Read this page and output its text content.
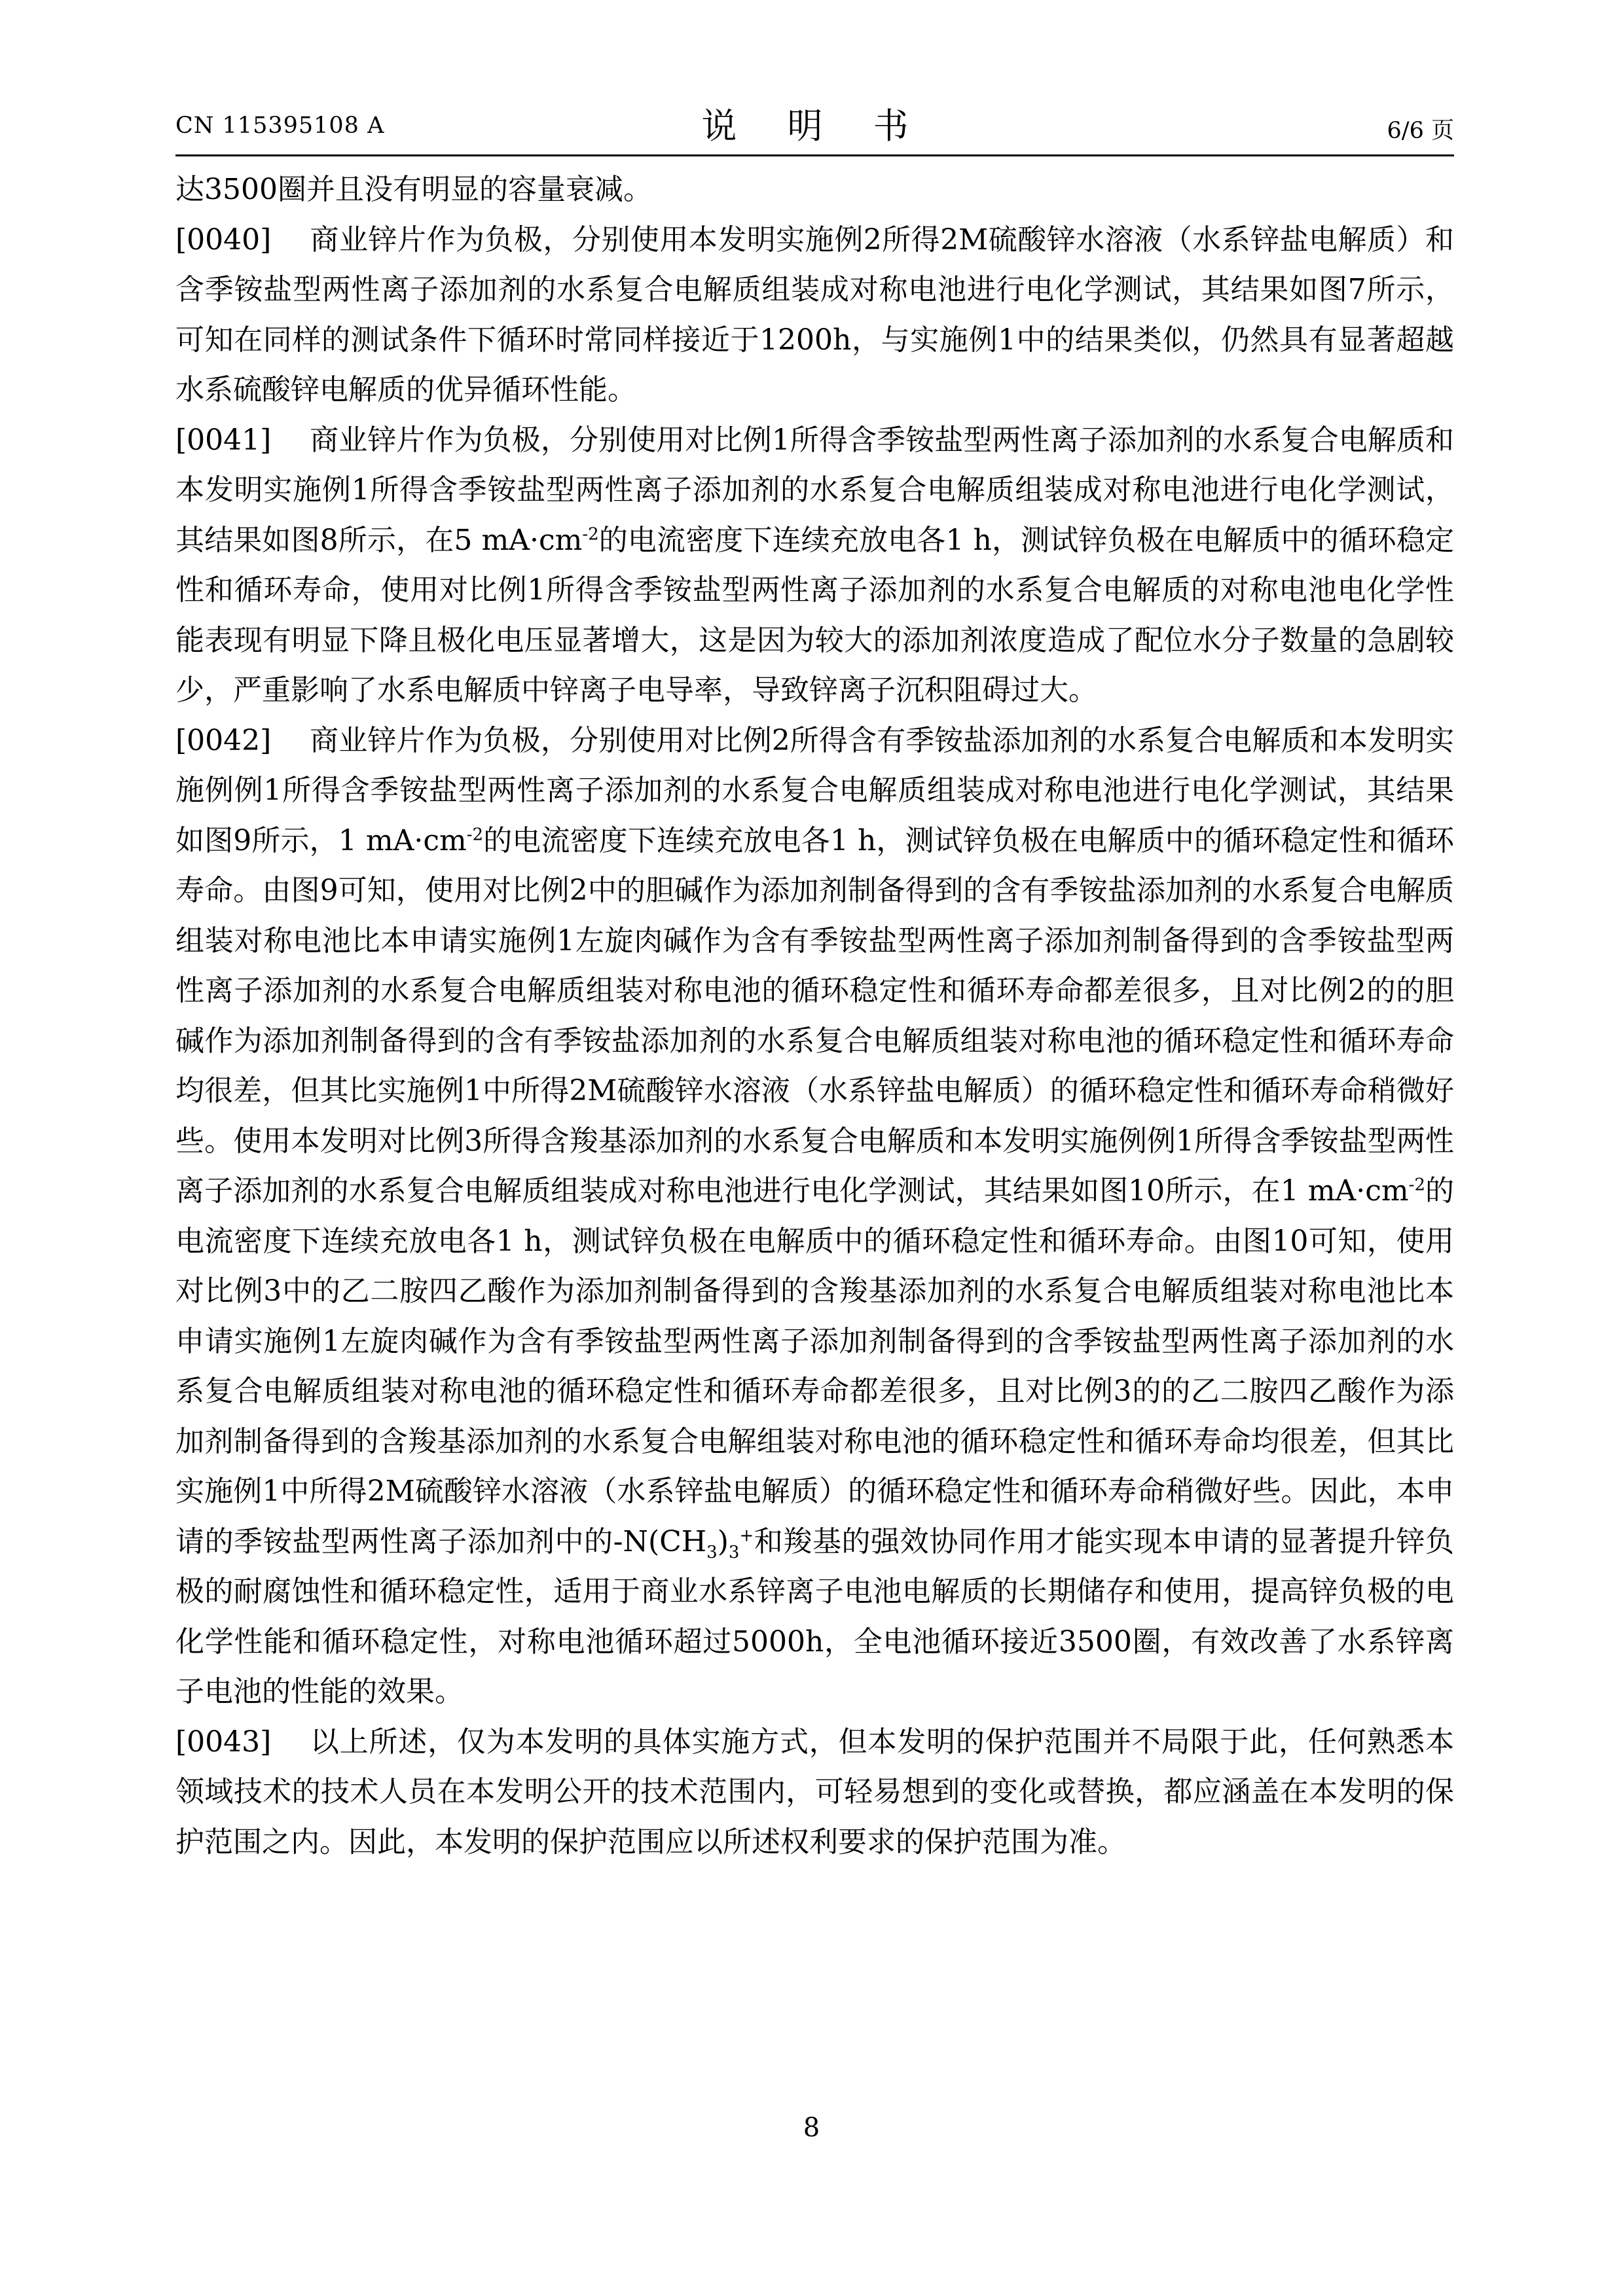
CN 115395108 A	说 明 书	6/6 页

达3500圈并且没有明显的容量衰减。

[0040] 商业锌片作为负极，分别使用本发明实施例2所得2M硫酸锌水溶液（水系锌盐电解质）和含季铵盐型两性离子添加剂的水系复合电解质组装成对称电池进行电化学测试，其结果如图7所示，可知在同样的测试条件下循环时常同样接近于1200h，与实施例1中的结果类似，仍然具有显著超越水系硫酸锌电解质的优异循环性能。

[0041] 商业锌片作为负极，分别使用对比例1所得含季铵盐型两性离子添加剂的水系复合电解质和本发明实施例1所得含季铵盐型两性离子添加剂的水系复合电解质组装成对称电池进行电化学测试，其结果如图8所示，在5 $mA\cdot cm^{-2}$的电流密度下连续充放电各1 h，测试锌负极在电解质中的循环稳定性和循环寿命，使用对比例1所得含季铵盐型两性离子添加剂的水系复合电解质的对称电池电化学性能表现有明显下降且极化电压显著增大，这是因为较大的添加剂浓度造成了配位水分子数量的急剧较少，严重影响了水系电解质中锌离子电导率，导致锌离子沉积阻碍过大。

[0042] 商业锌片作为负极，分别使用对比例2所得含有季铵盐添加剂的水系复合电解质和本发明实施例例1所得含季铵盐型两性离子添加剂的水系复合电解质组装成对称电池进行电化学测试，其结果如图9所示，1 $mA\cdot cm^{-2}$的电流密度下连续充放电各1 h，测试锌负极在电解质中的循环稳定性和循环寿命。由图9可知，使用对比例2中的胆碱作为添加剂制备得到的含有季铵盐添加剂的水系复合电解质组装对称电池比本申请实施例1左旋肉碱作为含有季铵盐型两性离子添加剂制备得到的含季铵盐型两性离子添加剂的水系复合电解质组装对称电池的循环稳定性和循环寿命都差很多，且对比例2的的胆碱作为添加剂制备得到的含有季铵盐添加剂的水系复合电解质组装对称电池的循环稳定性和循环寿命均很差，但其比实施例1中所得2M硫酸锌水溶液（水系锌盐电解质）的循环稳定性和循环寿命稍微好些。使用本发明对比例3所得含羧基添加剂的水系复合电解质和本发明实施例例1所得含季铵盐型两性离子添加剂的水系复合电解质组装成对称电池进行电化学测试，其结果如图10所示，在1 $mA\cdot cm^{-2}$的电流密度下连续充放电各1 h，测试锌负极在电解质中的循环稳定性和循环寿命。由图10可知，使用对比例3中的乙二胺四乙酸作为添加剂制备得到的含羧基添加剂的水系复合电解质组装对称电池比本申请实施例1左旋肉碱作为含有季铵盐型两性离子添加剂制备得到的含季铵盐型两性离子添加剂的水系复合电解质组装对称电池的循环稳定性和循环寿命都差很多，且对比例3的的乙二胺四乙酸作为添加剂制备得到的含羧基添加剂的水系复合电解组装对称电池的循环稳定性和循环寿命均很差，但其比实施例1中所得2M硫酸锌水溶液（水系锌盐电解质）的循环稳定性和循环寿命稍微好些。因此，本申请的季铵盐型两性离子添加剂中的$-N(CH_3)_3^+$和羧基的强效协同作用才能实现本申请的显著提升锌负极的耐腐蚀性和循环稳定性，适用于商业水系锌离子电池电解质的长期储存和使用，提高锌负极的电化学性能和循环稳定性，对称电池循环超过5000h，全电池循环接近3500圈，有效改善了水系锌离子电池的性能的效果。

[0043] 以上所述，仅为本发明的具体实施方式，但本发明的保护范围并不局限于此，任何熟悉本领域技术的技术人员在本发明公开的技术范围内，可轻易想到的变化或替换，都应涵盖在本发明的保护范围之内。因此，本发明的保护范围应以所述权利要求的保护范围为准。

8
